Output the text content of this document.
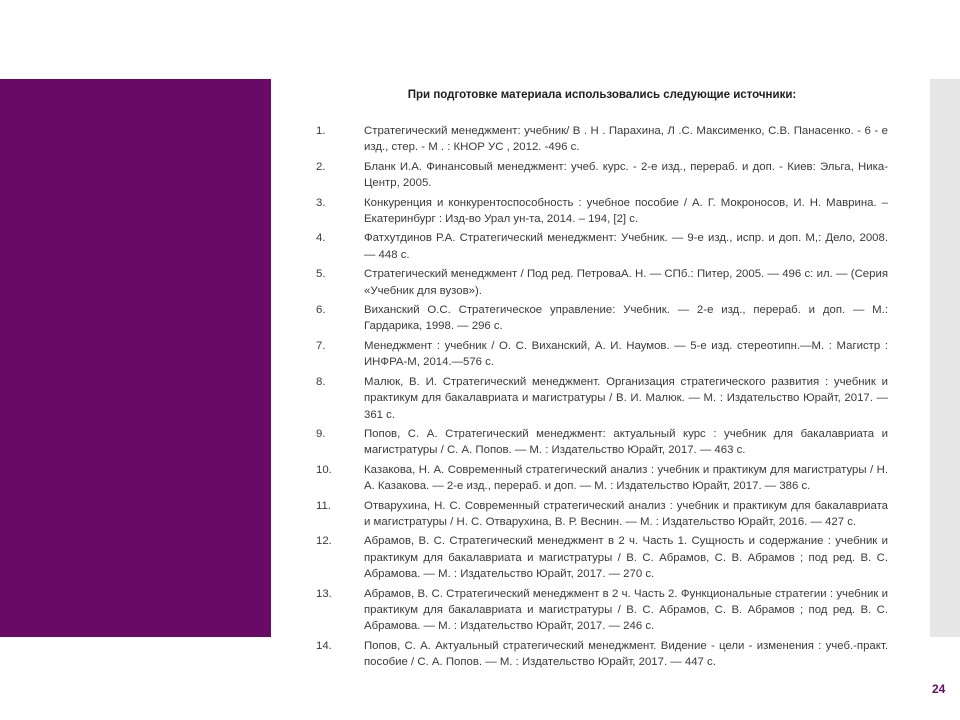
При подготовке материала использовались следующие источники:

1.	Стратегический менеджмент: учебник/ В . Н . Парахина, Л .С. Максименко, С.В. Панасенко. - 6 - е изд., стер. - М . : КНОР УС , 2012. -496 с.
2.	Бланк И.А. Финансовый менеджмент: учеб. курс. - 2-е изд., перераб. и доп. - Киев: Эльга, Ника-Центр, 2005.
3.	Конкуренция и конкурентоспособность : учебное пособие / А. Г. Мокроносов, И. Н. Маврина. – Екатеринбург : Изд-во Урал ун-та, 2014. – 194, [2] с.
4.	Фатхутдинов Р.А. Стратегический менеджмент: Учебник. — 9-е изд., испр. и доп. М,: Дело, 2008. — 448 с.
5.	Стратегический менеджмент / Под ред. ПетроваА. Н. — СПб.: Питер, 2005. — 496 с: ил. — (Серия «Учебник для вузов»).
6.	Виханский О.С. Стратегическое управление: Учебник. — 2-е изд., перераб. и доп. — М.: Гардарика, 1998. — 296 с.
7.	Менеджмент : учебник / О. С. Виханский, А. И. Наумов. — 5-е изд. стереотипн.—М. : Магистр : ИНФРА-М, 2014.—576 с.
8.	Малюк, В. И. Стратегический менеджмент. Организация стратегического развития : учебник и практикум для бакалавриата и магистратуры / В. И. Малюк. — М. : Издательство Юрайт, 2017. — 361 с.
9.	Попов, С. А. Стратегический менеджмент: актуальный курс : учебник для бакалавриата и магистратуры / С. А. Попов. — М. : Издательство Юрайт, 2017. — 463 с.
10.	Казакова, Н. А. Современный стратегический анализ : учебник и практикум для магистратуры / Н. А. Казакова. — 2-е изд., перераб. и доп. — М. : Издательство Юрайт, 2017. — 386 с.
11.	Отварухина, Н. С. Современный стратегический анализ : учебник и практикум для бакалавриата и магистратуры / Н. С. Отварухина, В. Р. Веснин. — М. : Издательство Юрайт, 2016. — 427 с.
12.	Абрамов, В. С. Стратегический менеджмент в 2 ч. Часть 1. Сущность и содержание : учебник и практикум для бакалавриата и магистратуры / В. С. Абрамов, С. В. Абрамов ; под ред. В. С. Абрамова. — М. : Издательство Юрайт, 2017. — 270 с.
13.	Абрамов, В. С. Стратегический менеджмент в 2 ч. Часть 2. Функциональные стратегии : учебник и практикум для бакалавриата и магистратуры / В. С. Абрамов, С. В. Абрамов ; под ред. В. С. Абрамова. — М. : Издательство Юрайт, 2017. — 246 с.
14.	Попов, С. А. Актуальный стратегический менеджмент. Видение - цели - изменения : учеб.-практ. пособие / С. А. Попов. — М. : Издательство Юрайт, 2017. — 447 с.
24
